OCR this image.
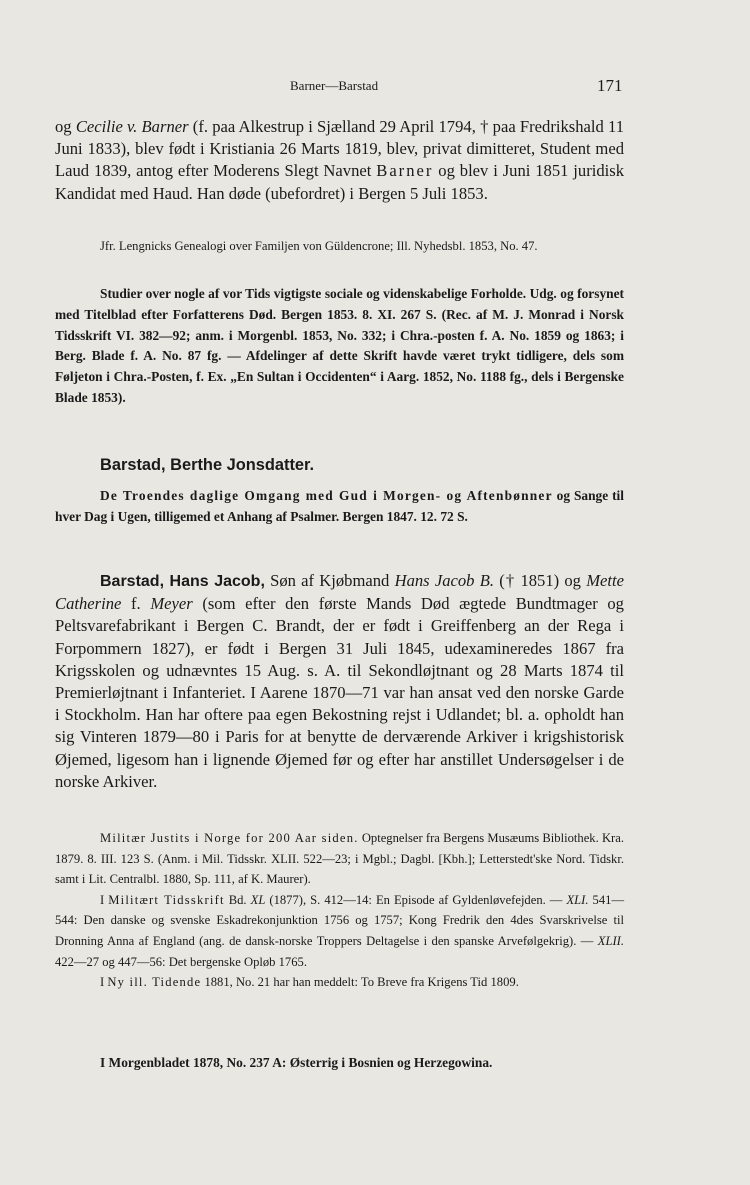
Barner—Barstad	171

og Cecilie v. Barner (f. paa Alkestrup i Sjælland 29 April 1794, † paa Fredrikshald 11 Juni 1833), blev født i Kristiania 26 Marts 1819, blev, privat dimitteret, Student med Laud 1839, antog efter Moderens Slegt Navnet Barner og blev i Juni 1851 juridisk Kandidat med Haud. Han døde (ubefordret) i Bergen 5 Juli 1853.

Jfr. Lengnicks Genealogi over Familjen von Güldencrone; Ill. Nyhedsbl. 1853, No. 47.

Studier over nogle af vor Tids vigtigste sociale og videnskabelige Forholde. Udg. og forsynet med Titelblad efter Forfatterens Død. Bergen 1853. 8. XI. 267 S. (Rec. af M. J. Monrad i Norsk Tidsskrift VI. 382—92; anm. i Morgenbl. 1853, No. 332; i Chra.-posten f. A. No. 1859 og 1863; i Berg. Blade f. A. No. 87 fg. — Afdelinger af dette Skrift havde været trykt tidligere, dels som Føljeton i Chra.-Posten, f. Ex. „En Sultan i Occidenten“ i Aarg. 1852, No. 1188 fg., dels i Bergenske Blade 1853).

Barstad, Berthe Jonsdatter.

De Troendes daglige Omgang med Gud i Morgen- og Aftenbønner og Sange til hver Dag i Ugen, tilligemed et Anhang af Psalmer. Bergen 1847. 12. 72 S.

Barstad, Hans Jacob, Søn af Kjøbmand Hans Jacob B. († 1851) og Mette Catherine f. Meyer (som efter den første Mands Død ægtede Bundtmager og Peltsvarefabrikant i Bergen C. Brandt, der er født i Greiffenberg an der Rega i Forpommern 1827), er født i Bergen 31 Juli 1845, udexamineredes 1867 fra Krigsskolen og udnævntes 15 Aug. s. A. til Sekondløjtnant og 28 Marts 1874 til Premierløjtnant i Infanteriet. I Aarene 1870—71 var han ansat ved den norske Garde i Stockholm. Han har oftere paa egen Bekostning rejst i Udlandet; bl. a. opholdt han sig Vinteren 1879—80 i Paris for at benytte de derværende Arkiver i krigshistorisk Øjemed, ligesom han i lignende Øjemed før og efter har anstillet Undersøgelser i de norske Arkiver.

Militær Justits i Norge for 200 Aar siden. Optegnelser fra Bergens Musæums Bibliothek. Kra. 1879. 8. III. 123 S. (Anm. i Mil. Tidsskr. XLII. 522—23; i Mgbl.; Dagbl. [Kbh.]; Letterstedt'ske Nord. Tidskr. samt i Lit. Centralbl. 1880, Sp. 111, af K. Maurer).

I Militært Tidsskrift Bd. XL (1877), S. 412—14: En Episode af Gyldenløvefejden. — XLI. 541—544: Den danske og svenske Eskadrekonjunktion 1756 og 1757; Kong Fredrik den 4des Svarskrivelse til Dronning Anna af England (ang. de dansk-norske Troppers Deltagelse i den spanske Arvefølgekrig). — XLII. 422—27 og 447—56: Det bergenske Opløb 1765.

I Ny ill. Tidende 1881, No. 21 har han meddelt: To Breve fra Krigens Tid 1809.

I Morgenbladet 1878, No. 237 A: Østerrig i Bosnien og Herzegowina.
